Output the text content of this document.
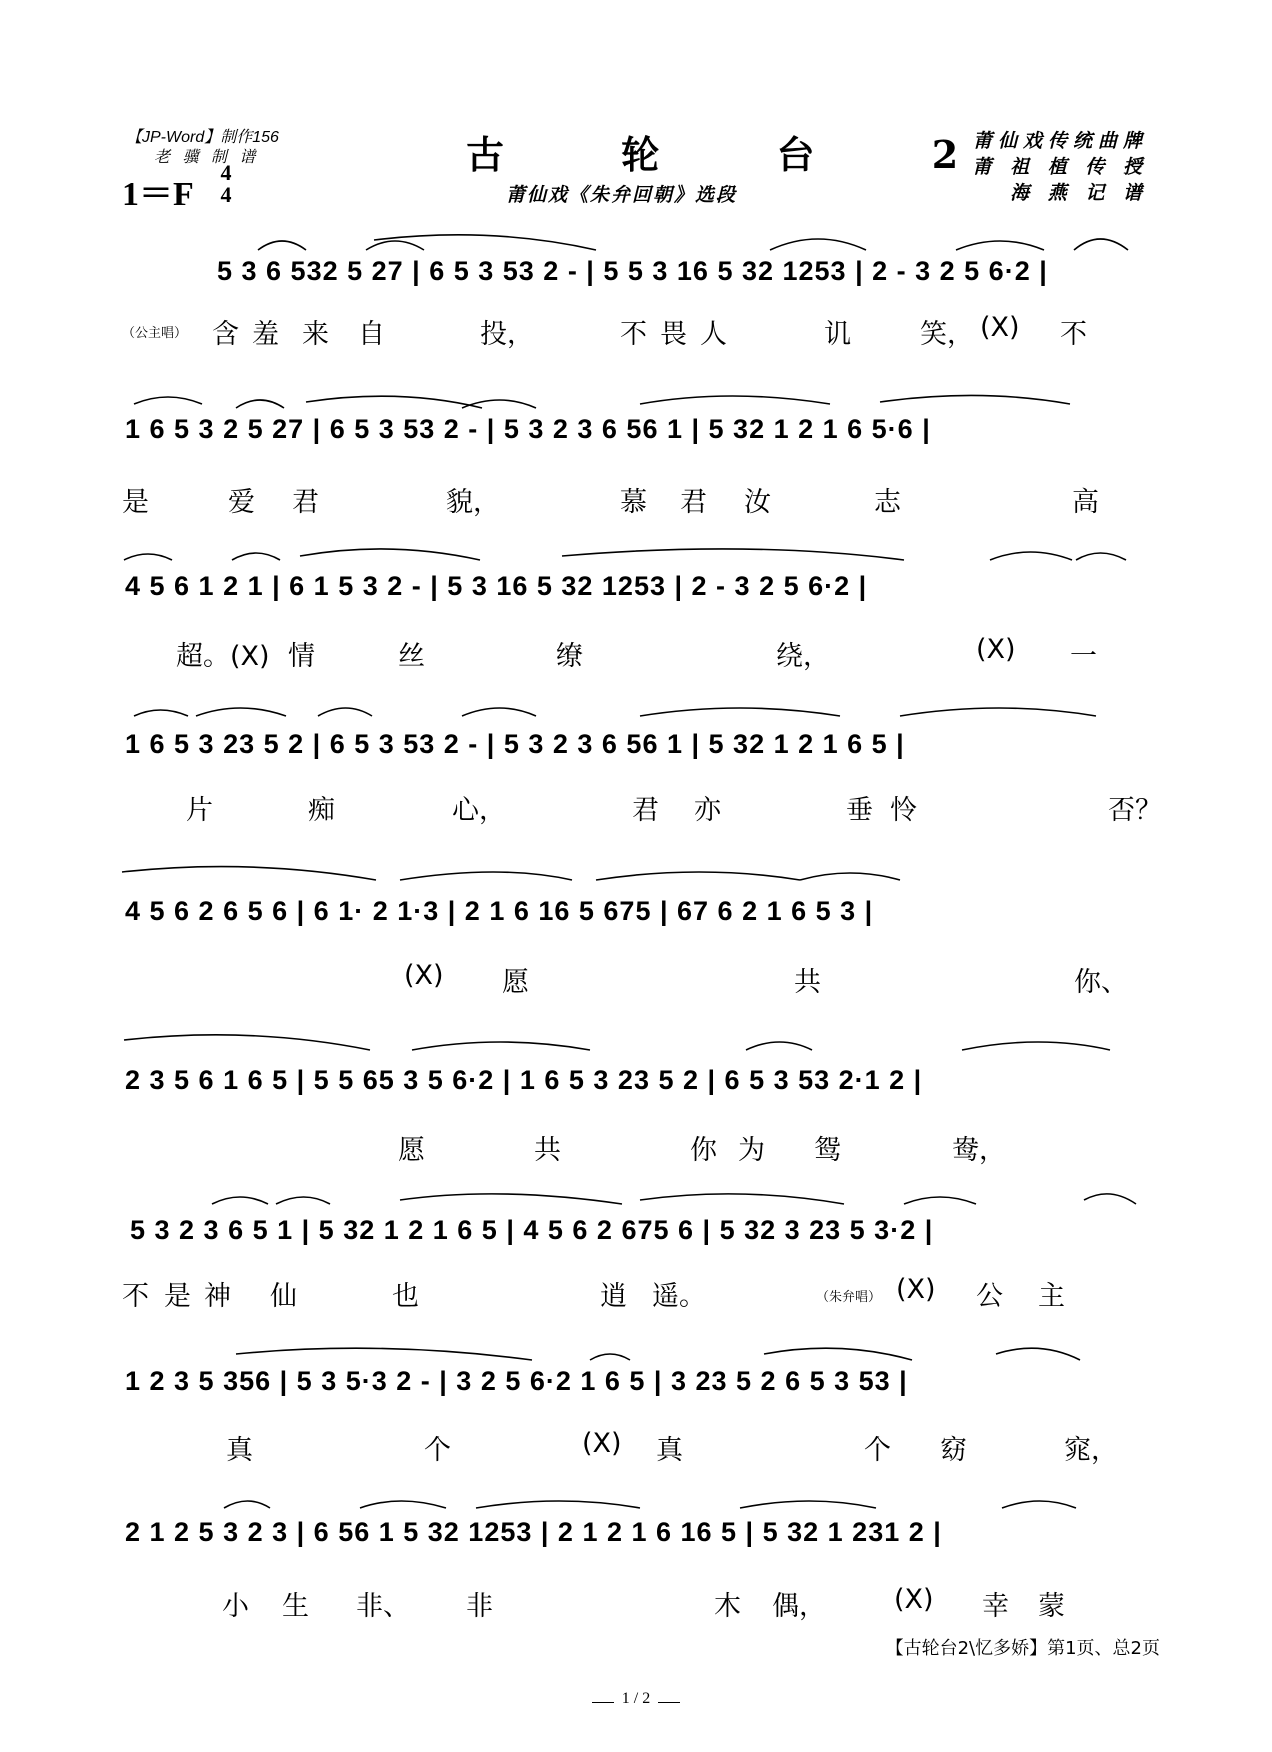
【JP-Word】制作156
老 骥 制 谱
1＝F
4
4
古 轮 台 2
莆仙戏《朱弁回朝》选段
莆仙戏传统曲牌
莆 祖 植 传 授
海 燕 记 谱
5 3 6 532 5 27 | 6 5 3 53 2 - | 5 5 3 16 5 32 1253 | 2 - 3 2 5 6·2 |
（公主唱） 含 羞 来 自	投，	不 畏 人	讥	笑， (X) 不
1 6 5 3 2 5 27 | 6 5 3 53 2 - | 5 3 2 3 6 56 1 | 5 32 1 2 1 6 5·6 |
是	爱 君	貌，	慕 君 汝	志	高
4 5 6 1 2 1 | 6 1 5 3 2 - | 5 3 16 5 32 1253 | 2 - 3 2 5 6·2 |
超。(X) 情	丝	缭	绕，	(X) 一
1 6 5 3 23 5 2 | 6 5 3 53 2 - | 5 3 2 3 6 56 1 | 5 32 1 2 1 6 5 |
片	痴	心，	君 亦	垂 怜	否？
4 5 6 2 6 5 6 | 6 1· 2 1·3 | 2 1 6 16 5 675 | 67 6 2 1 6 5 3 |
(X) 愿	共	你、
2 3 5 6 1 6 5 | 5 5 65 3 5 6·2 | 1 6 5 3 23 5 2 | 6 5 3 53 2·1 2 |
愿	共	你 为 鸳	鸯，
5 3 2 3 6 5 1 | 5 32 1 2 1 6 5 | 4 5 6 2 675 6 | 5 32 3 23 5 3·2 |
不 是 神 仙	也	逍 遥。	（朱弁唱） (X) 公 主
1 2 3 5 356 | 5 3 5·3 2 - | 3 2 5 6·2 1 6 5 | 3 23 5 2 6 5 3 53 |
真	个	(X) 真	个 窈	窕，
2 1 2 5 3 2 3 | 6 56 1 5 32 1253 | 2 1 2 1 6 16 5 | 5 32 1 231 2 |
小 生 非、 非	木 偶，	(X) 幸 蒙
【古轮台2\忆多娇】第1页、总2页
1 / 2
